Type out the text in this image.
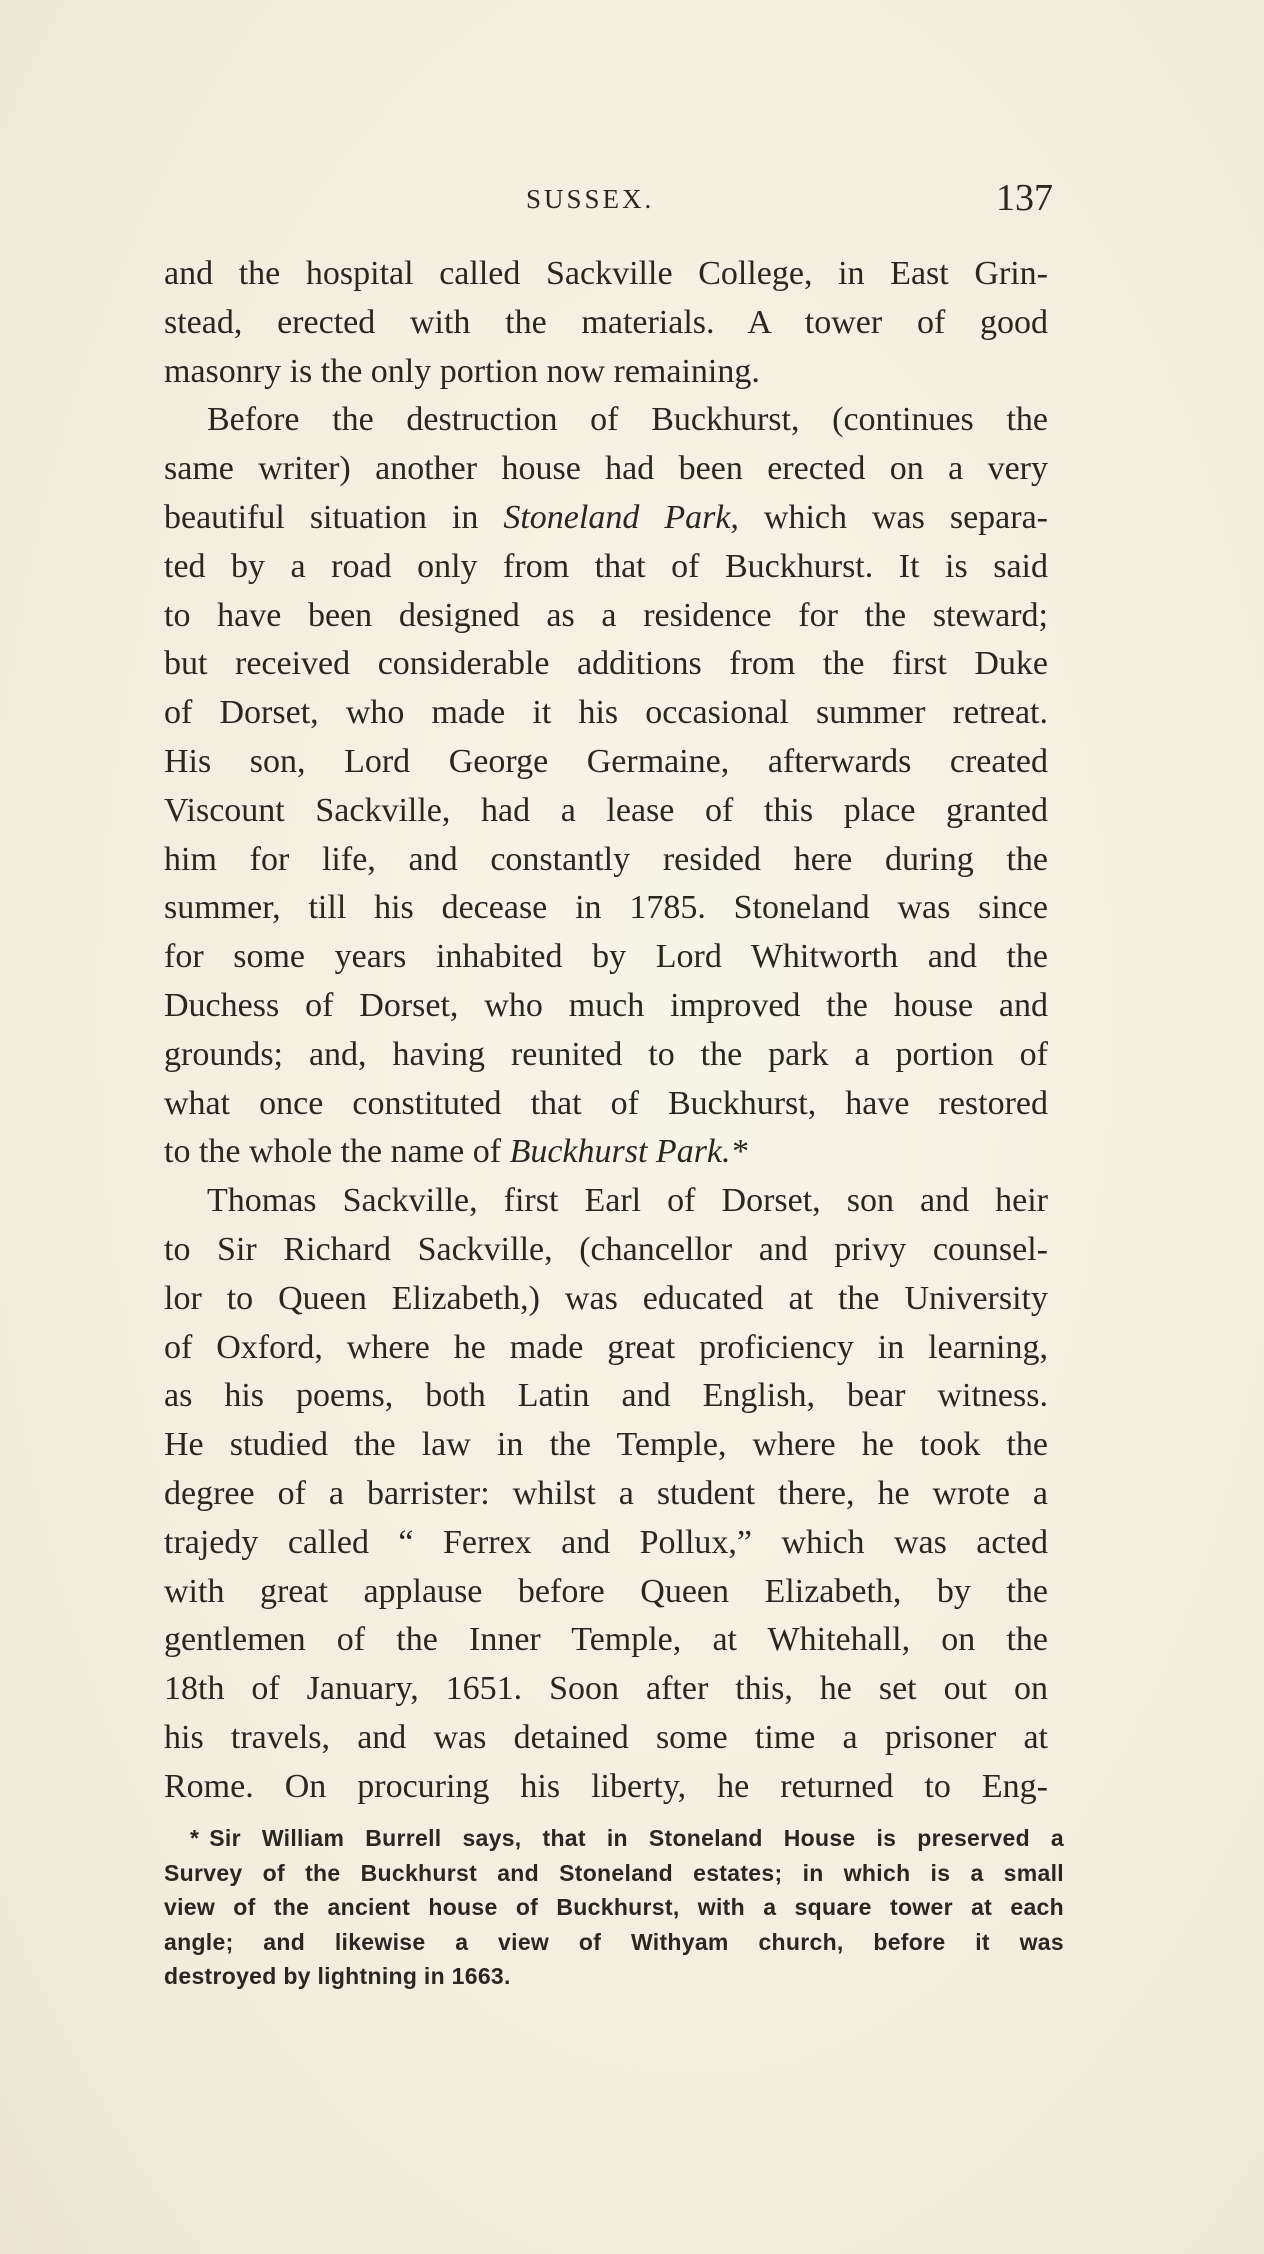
SUSSEX.	137
and the hospital called Sackville College, in East Grin-
stead, erected with the materials. A tower of good
masonry is the only portion now remaining.
Before the destruction of Buckhurst, (continues the
same writer) another house had been erected on a very
beautiful situation in Stoneland Park, which was separa-
ted by a road only from that of Buckhurst. It is said
to have been designed as a residence for the steward;
but received considerable additions from the first Duke
of Dorset, who made it his occasional summer retreat.
His son, Lord George Germaine, afterwards created
Viscount Sackville, had a lease of this place granted
him for life, and constantly resided here during the
summer, till his decease in 1785. Stoneland was since
for some years inhabited by Lord Whitworth and the
Duchess of Dorset, who much improved the house and
grounds; and, having reunited to the park a portion of
what once constituted that of Buckhurst, have restored
to the whole the name of Buckhurst Park.*
Thomas Sackville, first Earl of Dorset, son and heir
to Sir Richard Sackville, (chancellor and privy counsel-
lor to Queen Elizabeth,) was educated at the University
of Oxford, where he made great proficiency in learning,
as his poems, both Latin and English, bear witness.
He studied the law in the Temple, where he took the
degree of a barrister: whilst a student there, he wrote a
trajedy called “ Ferrex and Pollux,” which was acted
with great applause before Queen Elizabeth, by the
gentlemen of the Inner Temple, at Whitehall, on the
18th of January, 1651. Soon after this, he set out on
his travels, and was detained some time a prisoner at
Rome. On procuring his liberty, he returned to Eng-
* Sir William Burrell says, that in Stoneland House is preserved a
Survey of the Buckhurst and Stoneland estates; in which is a small
view of the ancient house of Buckhurst, with a square tower at each
angle; and likewise a view of Withyam church, before it was
destroyed by lightning in 1663.
